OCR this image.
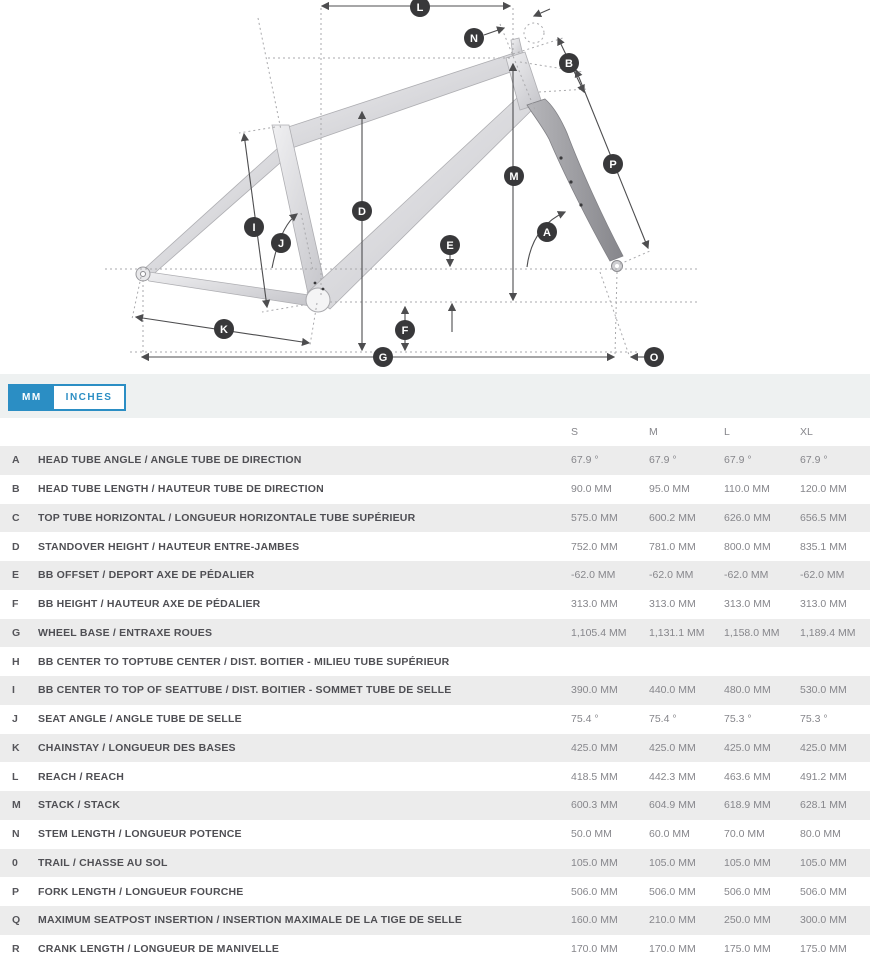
L
N
B
M
P
D
I
J	E
A
K	F
G	O
MM	INCHES
S	M	L	XL
A	HEAD TUBE ANGLE / ANGLE TUBE DE DIRECTION	67.9 °	67.9 °	67.9 °	67.9 °
B	HEAD TUBE LENGTH / HAUTEUR TUBE DE DIRECTION	90.0 MM	95.0 MM	110.0 MM	120.0 MM
C	TOP TUBE HORIZONTAL / LONGUEUR HORIZONTALE TUBE SUPÉRIEUR	575.0 MM	600.2 MM	626.0 MM	656.5 MM
D	STANDOVER HEIGHT / HAUTEUR ENTRE-JAMBES	752.0 MM	781.0 MM	800.0 MM	835.1 MM
E	BB OFFSET / DEPORT AXE DE PÉDALIER	-62.0 MM	-62.0 MM	-62.0 MM	-62.0 MM
F	BB HEIGHT / HAUTEUR AXE DE PÉDALIER	313.0 MM	313.0 MM	313.0 MM	313.0 MM
G	WHEEL BASE / ENTRAXE ROUES	1,105.4 MM	1,131.1 MM	1,158.0 MM	1,189.4 MM
H	BB CENTER TO TOPTUBE CENTER / DIST. BOITIER - MILIEU TUBE SUPÉRIEUR
I	BB CENTER TO TOP OF SEATTUBE / DIST. BOITIER - SOMMET TUBE DE SELLE	390.0 MM	440.0 MM	480.0 MM	530.0 MM
J	SEAT ANGLE / ANGLE TUBE DE SELLE	75.4 °	75.4 °	75.3 °	75.3 °
K	CHAINSTAY / LONGUEUR DES BASES	425.0 MM	425.0 MM	425.0 MM	425.0 MM
L	REACH / REACH	418.5 MM	442.3 MM	463.6 MM	491.2 MM
M	STACK / STACK	600.3 MM	604.9 MM	618.9 MM	628.1 MM
N	STEM LENGTH / LONGUEUR POTENCE	50.0 MM	60.0 MM	70.0 MM	80.0 MM
0	TRAIL / CHASSE AU SOL	105.0 MM	105.0 MM	105.0 MM	105.0 MM
P	FORK LENGTH / LONGUEUR FOURCHE	506.0 MM	506.0 MM	506.0 MM	506.0 MM
Q	MAXIMUM SEATPOST INSERTION / INSERTION MAXIMALE DE LA TIGE DE SELLE	160.0 MM	210.0 MM	250.0 MM	300.0 MM
R	CRANK LENGTH / LONGUEUR DE MANIVELLE	170.0 MM	170.0 MM	175.0 MM	175.0 MM
